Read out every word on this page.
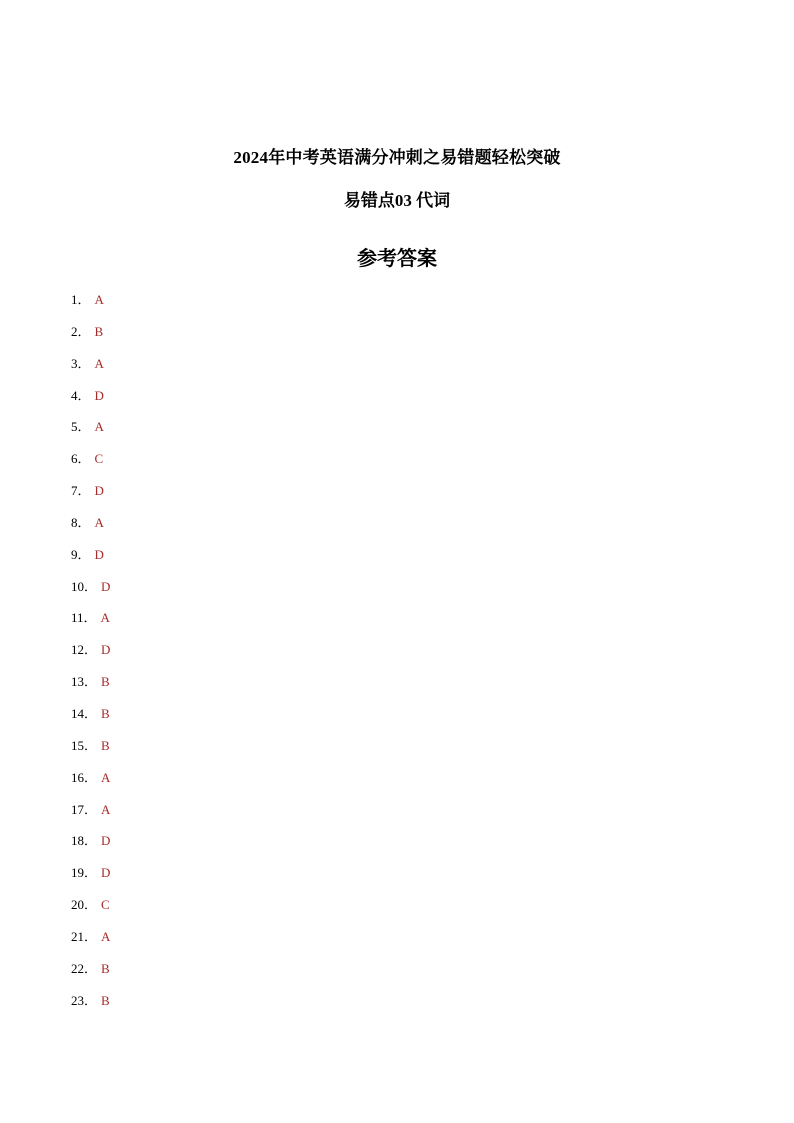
2024年中考英语满分冲刺之易错题轻松突破
易错点03 代词
参考答案
1． A
2． B
3． A
4． D
5． A
6． C
7． D
8． A
9． D
10． D
11． A
12． D
13． B
14． B
15． B
16． A
17． A
18． D
19． D
20． C
21． A
22． B
23． B
